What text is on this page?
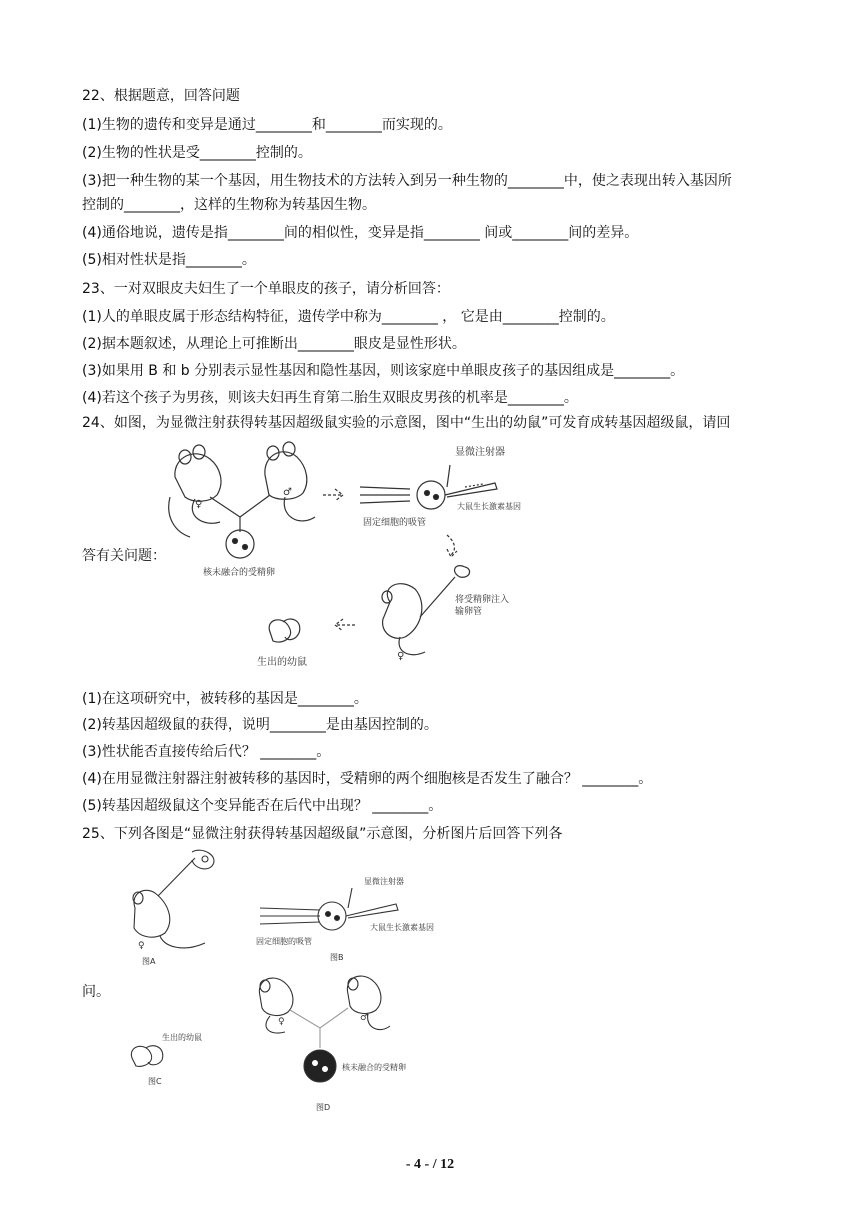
22、根据题意，回答问题
(1)生物的遗传和变异是通过________和________而实现的。
(2)生物的性状是受________控制的。
(3)把一种生物的某一个基因，用生物技术的方法转入到另一种生物的________中，使之表现出转入基因所
控制的________，这样的生物称为转基因生物。
(4)通俗地说，遗传是指________间的相似性，变异是指________ 间或________间的差异。
(5)相对性状是指________。
23、一对双眼皮夫妇生了一个单眼皮的孩子，请分析回答：
(1)人的单眼皮属于形态结构特征，遗传学中称为________ ， 它是由________控制的。
(2)据本题叙述，从理论上可推断出________眼皮是显性形状。
(3)如果用 B 和 b 分别表示显性基因和隐性基因，则该家庭中单眼皮孩子的基因组成是________。
(4)若这个孩子为男孩，则该夫妇再生育第二胎生双眼皮男孩的机率是________。
24、如图，为显微注射获得转基因超级鼠实验的示意图，图中“生出的幼鼠”可发育成转基因超级鼠，请回
答有关问题：
♀
♂
核未融合的受精卵
显微注射器
大鼠生长激素基因
固定细胞的吸管
♀
将受精卵注入
输卵管
生出的幼鼠
(1)在这项研究中，被转移的基因是________。
(2)转基因超级鼠的获得，说明________是由基因控制的。
(3)性状能否直接传给后代？ ________。
(4)在用显微注射器注射被转移的基因时，受精卵的两个细胞核是否发生了融合？ ________。
(5)转基因超级鼠这个变异能否在后代中出现？ ________。
25、下列各图是“显微注射获得转基因超级鼠”示意图，分析图片后回答下列各
问。
♀
图A
显微注射器
大鼠生长激素基因
固定细胞的吸管
图B
♀	♂
核未融合的受精卵
图D
生出的幼鼠
图C
- 4 - / 12
